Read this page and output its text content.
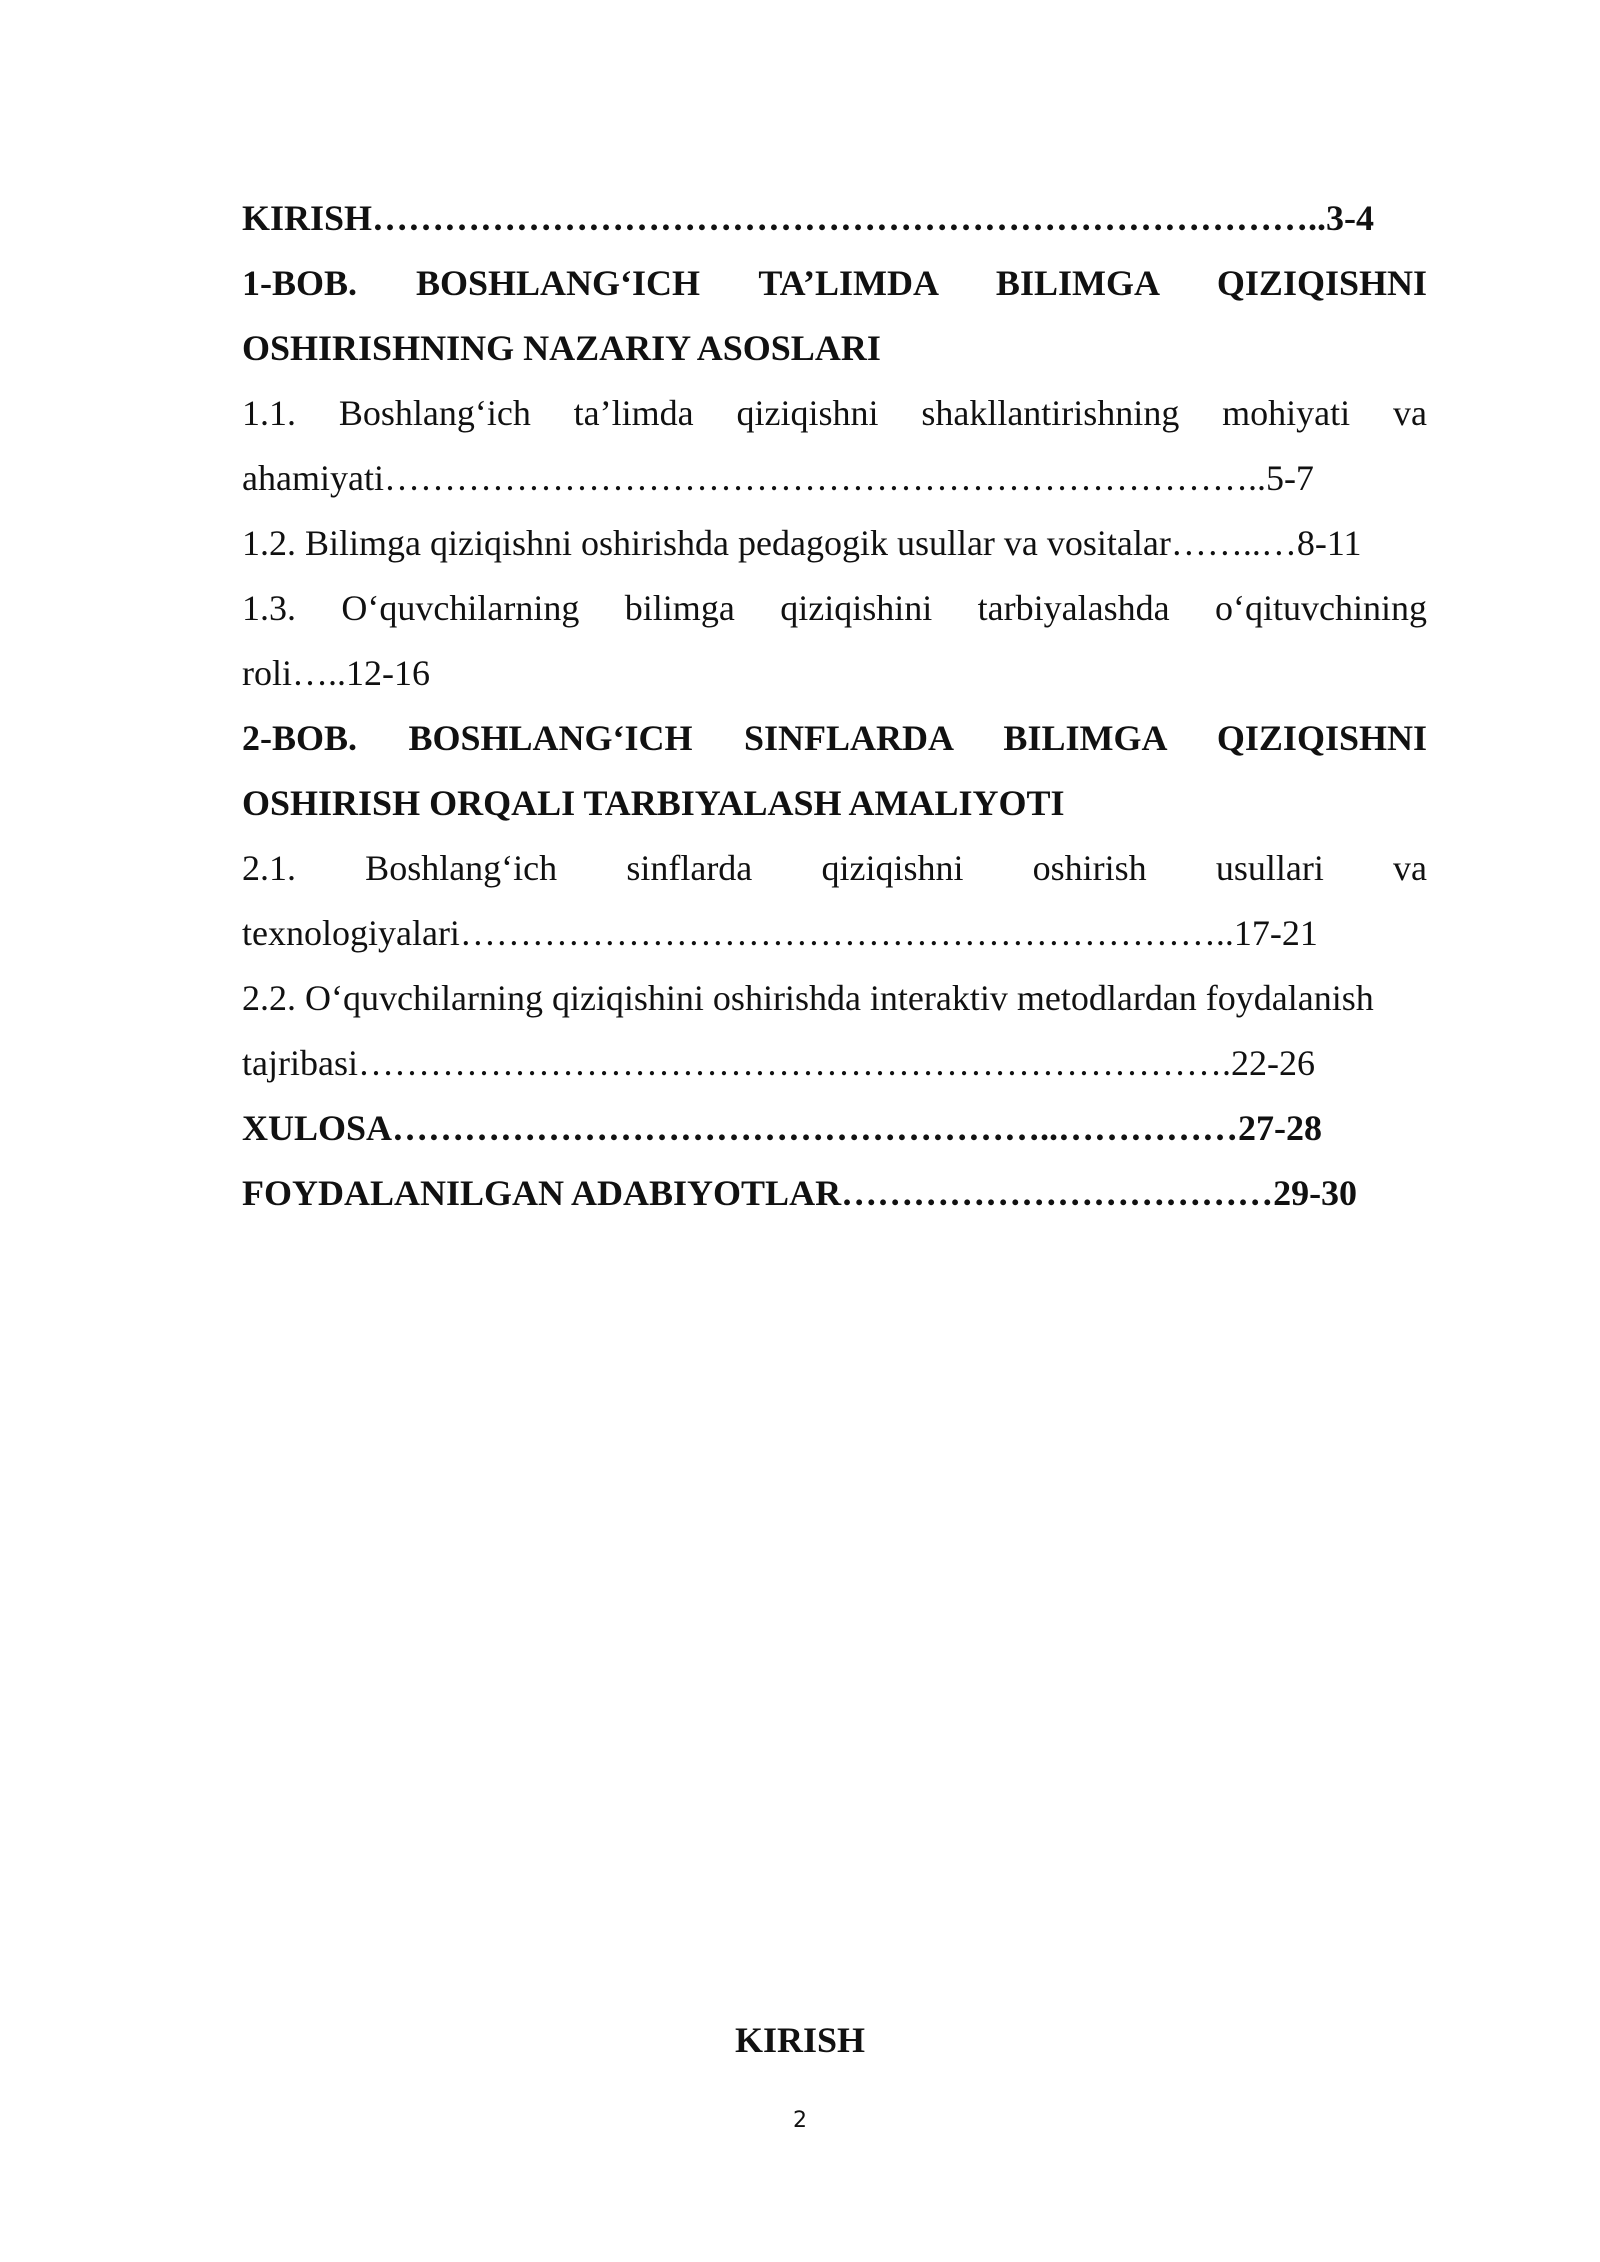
KIRISH……………………………………………………………………..3-4
1-BOB. BOSHLANG‘ICH TA’LIMDA BILIMGA QIZIQISHNI
OSHIRISHNING NAZARIY ASOSLARI
1.1. Boshlang‘ich ta’limda qiziqishni shakllantirishning mohiyati va
ahamiyati………………………………………………………………..5-7
1.2. Bilimga qiziqishni oshirishda pedagogik usullar va vositalar……..…8-11
1.3. O‘quvchilarning bilimga qiziqishini tarbiyalashda o‘qituvchining
roli…..12-16
2-BOB. BOSHLANG‘ICH SINFLARDA BILIMGA QIZIQISHNI
OSHIRISH ORQALI TARBIYALASH AMALIYOTI
2.1. Boshlang‘ich sinflarda qiziqishni oshirish usullari va
texnologiyalari………………………………………………………..17-21
2.2. O‘quvchilarning qiziqishini oshirishda interaktiv metodlardan foydalanish
tajribasi……………………………………………………………….22-26
XULOSA………………………………………………..……………27-28
FOYDALANILGAN ADABIYOTLAR………………………………29-30
KIRISH
2
